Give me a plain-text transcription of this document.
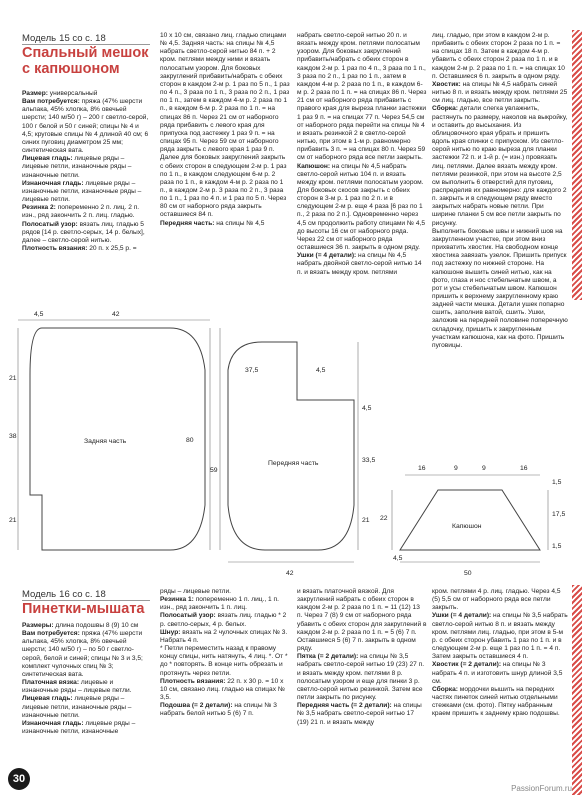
Модель 15 со с. 18
Спальный мешок
с капюшоном

Размер: универсальный

Вам потребуется: пряжа (47% шерсти альпака, 45% хлопка, 8% овечьей шерсти; 140 м/50 г) – 200 г светло-серой, 100 г белой и 50 г синей; спицы № 4 и 4,5; круговые спицы № 4 длиной 40 см; 6 синих пуговиц диаметром 25 мм; синтетическая вата.

Лицевая гладь: лицевые ряды – лицевые петли, изнаночные ряды – изнаночные петли.

Изнаночная гладь: лицевые ряды – изнаночные петли, изнаночные ряды – лицевые петли.

Резинка 2: попеременно 2 п. лиц. 2 п. изн., ряд закончить 2 п. лиц. гладью.

Полосатый узор: вязать лиц. гладью 5 рядов [14 р. светло-серых, 14 р. белых], далее – светло-серой нитью.

Плотность вязания: 20 п. х 25,5 р. =

10 х 10 см, связано лиц. гладью спицами № 4,5. Задняя часть: на спицы № 4,5 набрать светло-серой нитью 84 п. + 2 кром. петлями между ними и вязать полосатым узором. Для боковых закруглений прибавить/набрать с обеих сторон в каждом 2-м р. 1 раз по 5 п., 1 раз по 4 п., 3 раза по 1 п., 3 раза по 2 п., 1 раз по 1 п., затем в каждом 4-м р. 2 раза по 1 п., в каждом 6-м р. 2 раза по 1 п. = на спицах 86 п. Через 21 см от наборного ряда прибавить с левого края для припуска под застежку 1 раз 9 п. = на спицах 95 п. Через 59 см от наборного ряда закрыть с левого края 1 раз 9 п. Далее для боковых закруглений закрыть с обеих сторон в следующем 2-м р. 1 раз по 1 п., в каждом следующем 6-м р. 2 раза по 1 п., в каждом 4-м р. 2 раза по 1 п., в каждом 2-м р. 3 раза по 2 п., 3 раза по 1 п., 1 раз по 4 п. и 1 раз по 5 п. Через 80 см от наборного ряда закрыть оставшиеся 84 п.

Передняя часть: на спицы № 4,5

набрать светло-серой нитью 20 п. и вязать между кром. петлями полосатым узором. Для боковых закруглений прибавить/набрать с обеих сторон в каждом 2-м р. 1 раз по 4 п., 3 раза по 1 п., 3 раза по 2 п., 1 раз по 1 п., затем в каждом 4-м р. 2 раза по 1 п., в каждом 6-м р. 2 раза по 1 п. = на спицах 86 п. Через 21 см от наборного ряда прибавить с правого края для выреза планки застежки 1 раз 9 п. = на спицах 77 п. Через 54,5 см от наборного ряда перейти на спицы № 4 и вязать резинкой 2 в светло-серой нитью, при этом в 1-м р. равномерно прибавить 3 п. = на спицах 80 п. Через 59 см от наборного ряда все петли закрыть.

Капюшон: на спицы № 4,5 набрать светло-серой нитью 104 п. и вязать между кром. петлями полосатым узором. Для боковых скосов закрыть с обеих сторон в 3-м р. 1 раз по 2 п. и в следующем 2-м р. еще 4 раза [6 раз по 1 п., 2 раза по 2 п.]. Одновременно через 4,5 см продолжить работу спицами № 4,5 до высоты 16 см от наборного ряда. Через 22 см от наборного ряда оставшиеся 36 п. закрыть в одном ряду.

Ушки (= 4 детали): на спицы № 4,5 набрать двойной светло-серой нитью 14 п. и вязать между кром. петлями

лиц. гладью, при этом в каждом 2-м р. прибавить с обеих сторон 2 раза по 1 п. = на спицах 18 п. Затем в каждом 4-м р. убавить с обеих сторон 2 раза по 1 п. и в каждом 2-м р. 2 раза по 1 п. = на спицах 10 п. Оставшиеся 6 п. закрыть в одном ряду.

Хвостик: на спицы № 4,5 набрать синей нитью 8 п. и вязать между кром. петлями 25 см лиц. гладью, все петли закрыть.

Сборка: детали слегка увлажнить, растянуть по размеру, наколов на выкройку, и оставить до высыхания. Из облицовочного края убрать и пришить вдоль края спинки с припуском. Из светло-серой нитью по краю выреза для планки застежки 72 п. и 1-й р. (= изн.) провязать лиц. петлями. Далее вязать между кром. петлями резинкой, при этом на высоте 2,5 см выполнить 6 отверстий для пуговиц, распределив их равномерно: для каждого 2 п. закрыть и в следующем ряду вместо закрытых набрать новые петли. При ширине планки 5 см все петли закрыть по рисунку.

Выполнить боковые швы и нижний шов на закругленном участке, при этом вниз прихватить хвостик. На свободном конце хвостика завязать узелок. Пришить припуск под застежку по нижней стороне. На капюшоне вышить синей нитью, как на фото, глаза и нос стебельчатым швом, а рот и усы стебельчатым швом. Капюшон пришить к верхнему закругленному краю задней части мешка. Детали ушек попарно сшить, заполнив ватой, сшить. Ушки, заложив на передней половине поперечную складочку, пришить к закругленным участкам капюшона, как на фото. Пришить пуговицы.

4,5	42
Задняя часть
21
38
21
37,5	4,5
Передняя часть
80
59
4,5
33,5
21
42
16	9	9	16
22
17,5
1,5
1,5
Капюшон
50
4,5
Модель 16 со с. 18
Пинетки-мышата

Размеры: длина подошвы 8 (9) 10 см

Вам потребуется: пряжа (47% шерсти альпака, 45% хлопка, 8% овечьей шерсти; 140 м/50 г) – по 50 г светло-серой, белой и синей; спицы № 3 и 3,5; комплект чулочных спиц № 3; синтетическая вата.

Платочная вязка: лицевые и изнаночные ряды – лицевые петли.

Лицевая гладь: лицевые ряды – лицевые петли, изнаночные ряды – изнаночные петли.

Изнаночная гладь: лицевые ряды – изнаночные петли, изнаночные

ряды – лицевые петли.

Резинка 1: попеременно 1 п. лиц., 1 п. изн., ряд закончить 1 п. лиц.

Полосатый узор: вязать лиц. гладью * 2 р. светло-серых, 4 р. белых.

Шнур: вязать на 2 чулочных спицах № 3. Набрать 4 п.

* Петли переместить назад к правому концу спицы, нить натянуть, 4 лиц. *. От * до * повторять. В конце нить обрезать и протянуть через петли.

Плотность вязания: 22 п. х 30 р. = 10 х 10 см, связано лиц. гладью на спицах № 3,5.

Подошва (= 2 детали): на спицы № 3 набрать белой нитью 5 (6) 7 п.

и вязать платочной вязкой. Для закруглений набрать с обеих сторон в каждом 2-м р. 2 раза по 1 п. = 11 (12) 13 п. Через 7 (8) 9 см от наборного ряда убавить с обеих сторон для закруглений в каждом 2-м р. 2 раза по 1 п. = 5 (6) 7 п. Оставшиеся 5 (6) 7 п. закрыть в одном ряду.

Пятка (= 2 детали): на спицы № 3,5 набрать светло-серой нитью 19 (23) 27 п. и вязать между кром. петлями 8 р. полосатым узором и еще для пинки 3 р. светло-серой нитью резинкой. Затем все петли закрыть по рисунку.

Передняя часть (= 2 детали): на спицы № 3,5 набрать светло-серой нитью 17 (19) 21 п. и вязать между

кром. петлями 4 р. лиц. гладью. Через 4,5 (5) 5,5 см от наборного ряда все петли закрыть.

Ушки (= 4 детали): на спицы № 3,5 набрать светло-серой нитью 8 п. и вязать между кром. петлями лиц. гладью, при этом в 5-м р. с обеих сторон убавить 1 раз по 1 п. и в следующем 2-м р. еще 1 раз по 1 п. = 4 п. Затем закрыть оставшиеся 4 п.

Хвостик (= 2 детали): на спицы № 3 набрать 4 п. и изготовить шнур длиной 3,5 см.

Сборка: мордочки вышить на передних частях пинеток синей нитью отдельными стежками (см. фото). Пятку набранным краем пришить к заднему краю подошвы.

30
PassionForum.ru
